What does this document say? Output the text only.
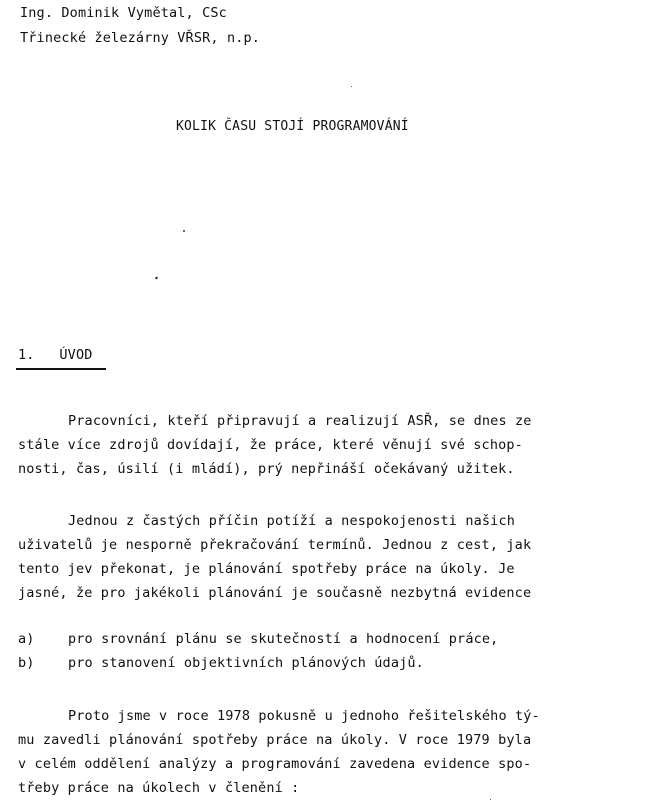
Ing. Dominik Vymětal, CSc
Třinecké železárny VŘSR, n.p.
KOLIK ČASU STOJÍ PROGRAMOVÁNÍ
1. ÚVOD
Pracovníci, kteří připravují a realizují ASŘ, se dnes ze
stále více zdrojů dovídají, že práce, které věnují své schop-
nosti, čas, úsilí (i mládí), prý nepřináší očekávaný užitek.
Jednou z častých příčin potíží a nespokojenosti našich
uživatelů je nesporně překračování termínů. Jednou z cest, jak
tento jev překonat, je plánování spotřeby práce na úkoly. Je
jasné, že pro jakékoli plánování je současně nezbytná evidence
a) pro srovnání plánu se skutečností a hodnocení práce,
b) pro stanovení objektivních plánových údajů.
Proto jsme v roce 1978 pokusně u jednoho řešitelského tý-
mu zavedli plánování spotřeby práce na úkoly. V roce 1979 byla
v celém oddělení analýzy a programování zavedena evidence spo-
třeby práce na úkolech v členění :
